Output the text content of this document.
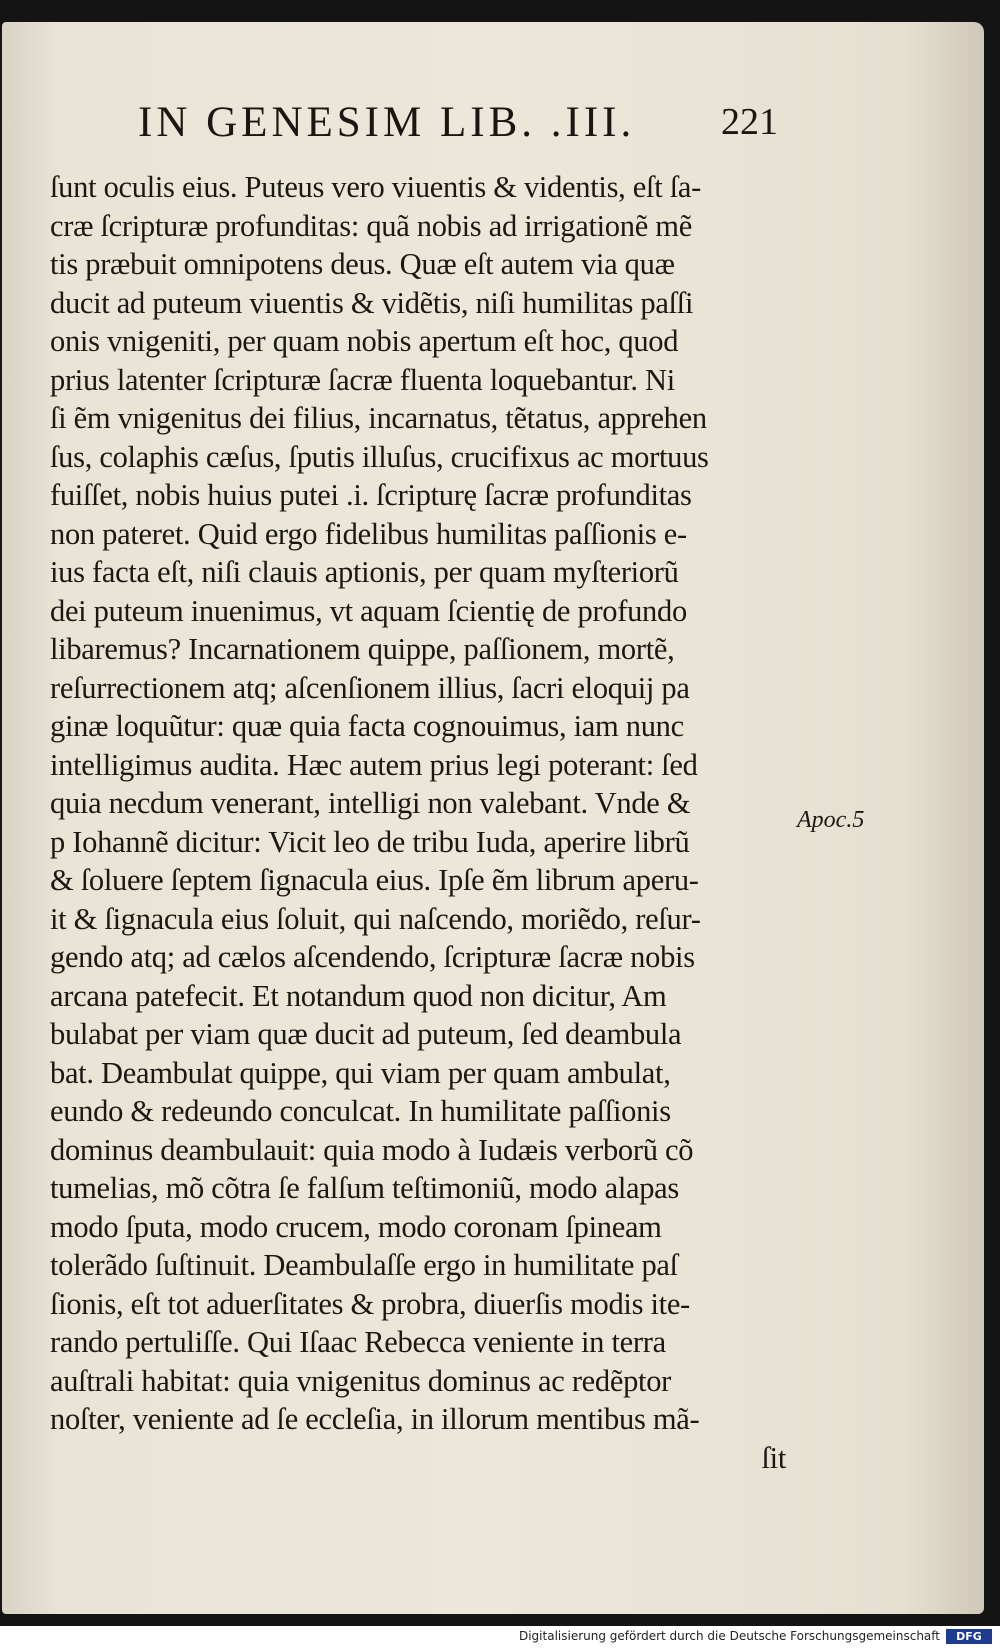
IN GENESIM LIB. .III. 221
ſunt oculis eius. Puteus vero viuentis & videntis, eſt ſa-
cræ ſcripturæ profunditas: quã nobis ad irrigationẽ mẽ
tis præbuit omnipotens deus. Quæ eſt autem via quæ
ducit ad puteum viuentis & vidẽtis, niſi humilitas paſſi
onis vnigeniti, per quam nobis apertum eſt hoc, quod
prius latenter ſcripturæ ſacræ fluenta loquebantur. Ni
ſi ẽm vnigenitus dei filius, incarnatus, tẽtatus, apprehen
ſus, colaphis cæſus, ſputis illuſus, crucifixus ac mortuus
fuiſſet, nobis huius putei .i. ſcripturę ſacræ profunditas
non pateret. Quid ergo fidelibus humilitas paſſionis e-
ius facta eſt, niſi clauis aptionis, per quam myſteriorũ
dei puteum inuenimus, vt aquam ſcientię de profundo
libaremus? Incarnationem quippe, paſſionem, mortẽ,
reſurrectionem atq; aſcenſionem illius, ſacri eloquij pa
ginæ loquũtur: quæ quia facta cognouimus, iam nunc
intelligimus audita. Hæc autem prius legi poterant: ſed
quia necdum venerant, intelligi non valebant. Vnde &
p Iohannẽ dicitur: Vicit leo de tribu Iuda, aperire librũ
& ſoluere ſeptem ſignacula eius. Ipſe ẽm librum aperu-
it & ſignacula eius ſoluit, qui naſcendo, moriẽdo, reſur-
gendo atq; ad cælos aſcendendo, ſcripturæ ſacræ nobis
arcana patefecit. Et notandum quod non dicitur, Am
bulabat per viam quæ ducit ad puteum, ſed deambula
bat. Deambulat quippe, qui viam per quam ambulat,
eundo & redeundo conculcat. In humilitate paſſionis
dominus deambulauit: quia modo à Iudæis verborũ cõ
tumelias, mõ cõtra ſe falſum teſtimoniũ, modo alapas
modo ſputa, modo crucem, modo coronam ſpineam
tolerãdo ſuſtinuit. Deambulaſſe ergo in humilitate paſ
ſionis, eſt tot aduerſitates & probra, diuerſis modis ite-
rando pertuliſſe. Qui Iſaac Rebecca veniente in terra
auſtrali habitat: quia vnigenitus dominus ac redẽptor
noſter, veniente ad ſe eccleſia, in illorum mentibus mã-
ſit
Apoc.5
Digitalisierung gefördert durch die Deutsche Forschungsgemeinschaft	DFG
